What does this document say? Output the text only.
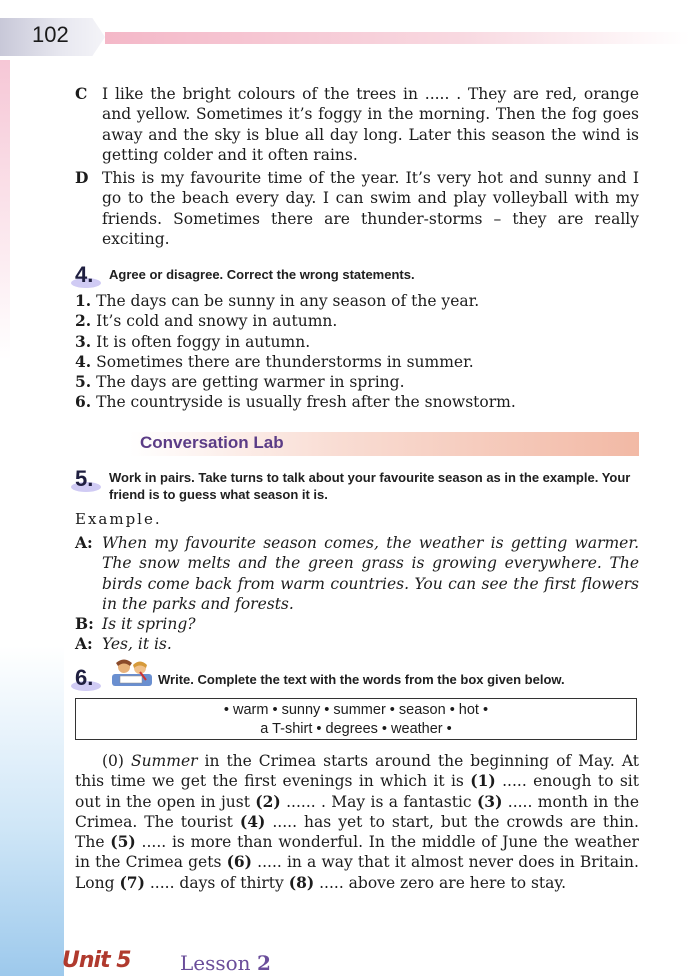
102

C I like the bright colours of the trees in ..... . They are red, orange and yellow. Sometimes it’s foggy in the morning. Then the fog goes away and the sky is blue all day long. Later this season the wind is getting colder and it often rains.

D This is my favourite time of the year. It’s very hot and sunny and I go to the beach every day. I can swim and play volleyball with my friends. Sometimes there are thunder-storms – they are really exciting.

4. Agree or disagree. Correct the wrong statements.

1. The days can be sunny in any season of the year.

2. It’s cold and snowy in autumn.

3. It is often foggy in autumn.

4. Sometimes there are thunderstorms in summer.

5. The days are getting warmer in spring.

6. The countryside is usually fresh after the snowstorm.

Conversation Lab
5. Work in pairs. Take turns to talk about your favourite season as in the example. Your friend is to guess what season it is.
Example.

A: When my favourite season comes, the weather is getting warmer. The snow melts and the green grass is growing everywhere. The birds come back from warm countries. You can see the first flowers in the parks and forests.

B: Is it spring?

A: Yes, it is.

6.	Write. Complete the text with the words from the box given below.
• warm • sunny • summer • season • hot •
a T-shirt • degrees • weather •

(0) Summer in the Crimea starts around the beginning of May. At this time we get the first evenings in which it is (1) ..... enough to sit out in the open in just (2) ...... . May is a fantastic (3) ..... month in the Crimea. The tourist (4) ..... has yet to start, but the crowds are thin. The (5) ..... is more than wonderful. In the middle of June the weather in the Crimea gets (6) ..... in a way that it almost never does in Britain. Long (7) ..... days of thirty (8) ..... above zero are here to stay.

Unit 5 Lesson 2
